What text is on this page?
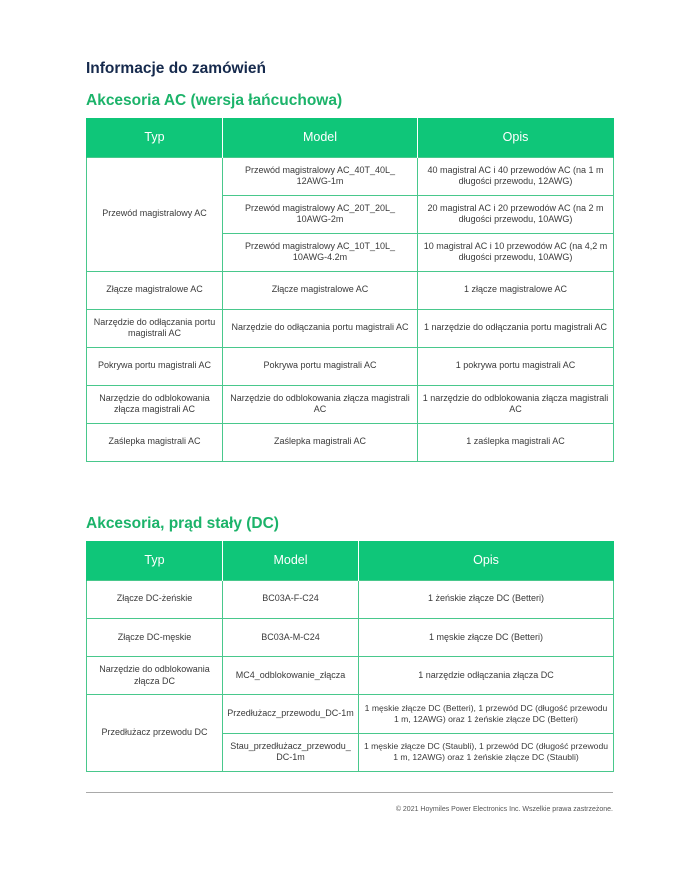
Informacje do zamówień
Akcesoria AC (wersja łańcuchowa)
Typ	Model	Opis
Przewód magistralowy AC	Przewód magistralowy AC_40T_40L_ 12AWG-1m	40 magistral AC i 40 przewodów AC (na 1 m długości przewodu, 12AWG)
	Przewód magistralowy AC_20T_20L_ 10AWG-2m	20 magistral AC i 20 przewodów AC (na 2 m długości przewodu, 10AWG)
	Przewód magistralowy AC_10T_10L_ 10AWG-4.2m	10 magistral AC i 10 przewodów AC (na 4,2 m długości przewodu, 10AWG)
Złącze magistralowe AC	Złącze magistralowe AC	1 złącze magistralowe AC
Narzędzie do odłączania portu magistrali AC	Narzędzie do odłączania portu magistrali AC	1 narzędzie do odłączania portu magistrali AC
Pokrywa portu magistrali AC	Pokrywa portu magistrali AC	1 pokrywa portu magistrali AC
Narzędzie do odblokowania złącza magistrali AC	Narzędzie do odblokowania złącza magistrali AC	1 narzędzie do odblokowania złącza magistrali AC
Zaślepka magistrali AC	Zaślepka magistrali AC	1 zaślepka magistrali AC
Akcesoria, prąd stały (DC)
Typ	Model	Opis
Złącze DC-żeńskie	BC03A-F-C24	1 żeńskie złącze DC (Betteri)
Złącze DC-męskie	BC03A-M-C24	1 męskie złącze DC (Betteri)
Narzędzie do odblokowania złącza DC	MC4_odblokowanie_złącza	1 narzędzie odłączania złącza DC
Przedłużacz przewodu DC	Przedłużacz_przewodu_DC-1m	1 męskie złącze DC (Betteri), 1 przewód DC (długość przewodu 1 m, 12AWG) oraz 1 żeńskie złącze DC (Betteri)
	Stau_przedłużacz_przewodu_ DC-1m	1 męskie złącze DC (Staubli), 1 przewód DC (długość przewodu 1 m, 12AWG) oraz 1 żeńskie złącze DC (Staubli)
© 2021 Hoymiles Power Electronics Inc. Wszelkie prawa zastrzeżone.
